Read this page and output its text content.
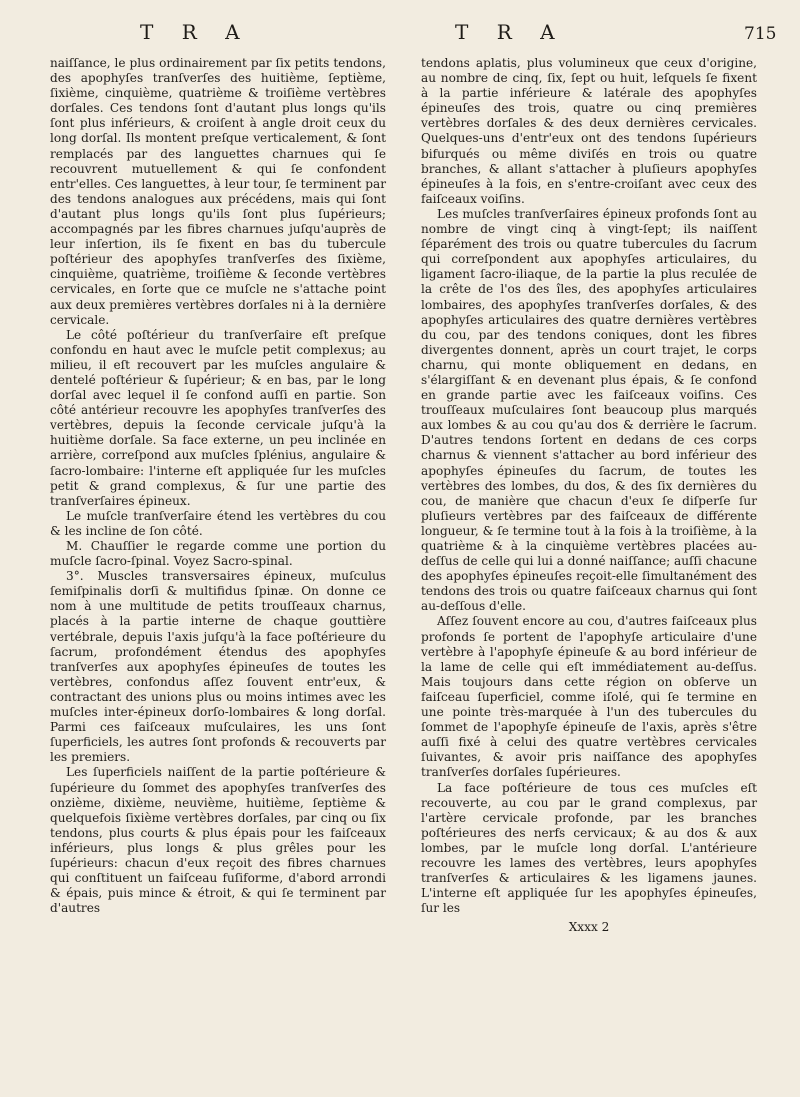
T R A	T R A	715

naiſſance, le plus ordinairement par ſix petits tendons, des apophyſes tranſverſes des huitième, ſeptième, ſixième, cinquième, quatrième & troiſième vertèbres dorſales. Ces tendons ſont d'autant plus longs qu'ils ſont plus inférieurs, & croiſent à angle droit ceux du long dorſal. Ils montent preſque verticalement, & ſont remplacés par des languettes charnues qui ſe recouvrent mutuellement & qui ſe confondent entr'elles. Ces languettes, à leur tour, ſe terminent par des tendons analogues aux précédens, mais qui ſont d'autant plus longs qu'ils ſont plus ſupérieurs; accompagnés par les fibres charnues juſqu'auprès de leur inſertion, ils ſe fixent en bas du tubercule poſtérieur des apophyſes tranſverſes des ſixième, cinquième, quatrième, troiſième & ſeconde vertèbres cervicales, en ſorte que ce muſcle ne s'attache point aux deux premières vertèbres dorſales ni à la dernière cervicale.

Le côté poſtérieur du tranſverſaire eſt preſque confondu en haut avec le muſcle petit complexus; au milieu, il eſt recouvert par les muſcles angulaire & dentelé poſtérieur & ſupérieur; & en bas, par le long dorſal avec lequel il ſe confond auſſi en partie. Son côté antérieur recouvre les apophyſes tranſverſes des vertèbres, depuis la ſeconde cervicale juſqu'à la huitième dorſale. Sa face externe, un peu inclinée en arrière, correſpond aux muſcles ſplénius, angulaire & ſacro-lombaire: l'interne eſt appliquée ſur les muſcles petit & grand complexus, & ſur une partie des tranſverſaires épineux.

Le muſcle tranſverſaire étend les vertèbres du cou & les incline de ſon côté.

M. Chauſſier le regarde comme une portion du muſcle ſacro-ſpinal. Voyez Sacro-spinal.

3°. Muscles transversaires épineux, muſculus ſemiſpinalis dorſi & multifidus ſpinæ. On donne ce nom à une multitude de petits trouſſeaux charnus, placés à la partie interne de chaque gouttière vertébrale, depuis l'axis juſqu'à la face poſtérieure du ſacrum, profondément étendus des apophyſes tranſverſes aux apophyſes épineuſes de toutes les vertèbres, confondus aſſez ſouvent entr'eux, & contractant des unions plus ou moins intimes avec les muſcles inter-épineux dorſo-lombaires & long dorſal. Parmi ces faiſceaux muſculaires, les uns ſont ſuperficiels, les autres ſont profonds & recouverts par les premiers.

Les ſuperficiels naiſſent de la partie poſtérieure & ſupérieure du ſommet des apophyſes tranſverſes des onzième, dixième, neuvième, huitième, ſeptième & quelquefois ſixième vertèbres dorſales, par cinq ou ſix tendons, plus courts & plus épais pour les faiſceaux inférieurs, plus longs & plus grêles pour les ſupérieurs: chacun d'eux reçoit des fibres charnues qui conſtituent un faiſceau fuſiforme, d'abord arrondi & épais, puis mince & étroit, & qui ſe terminent par d'autres

tendons aplatis, plus volumineux que ceux d'origine, au nombre de cinq, ſix, ſept ou huit, leſquels ſe fixent à la partie inférieure & latérale des apophyſes épineuſes des trois, quatre ou cinq premières vertèbres dorſales & des deux dernières cervicales. Quelques-uns d'entr'eux ont des tendons ſupérieurs bifurqués ou même diviſés en trois ou quatre branches, & allant s'attacher à pluſieurs apophyſes épineuſes à la fois, en s'entre-croiſant avec ceux des faiſceaux voiſins.

Les muſcles tranſverſaires épineux profonds ſont au nombre de vingt cinq à vingt-ſept; ils naiſſent ſéparément des trois ou quatre tubercules du ſacrum qui correſpondent aux apophyſes articulaires, du ligament ſacro-iliaque, de la partie la plus reculée de la crête de l'os des îles, des apophyſes articulaires lombaires, des apophyſes tranſverſes dorſales, & des apophyſes articulaires des quatre dernières vertèbres du cou, par des tendons coniques, dont les fibres divergentes donnent, après un court trajet, le corps charnu, qui monte obliquement en dedans, en s'élargiſſant & en devenant plus épais, & ſe confond en grande partie avec les faiſceaux voiſins. Ces trouſſeaux muſculaires ſont beaucoup plus marqués aux lombes & au cou qu'au dos & derrière le ſacrum. D'autres tendons ſortent en dedans de ces corps charnus & viennent s'attacher au bord inférieur des apophyſes épineuſes du ſacrum, de toutes les vertèbres des lombes, du dos, & des ſix dernières du cou, de manière que chacun d'eux ſe diſperſe ſur pluſieurs vertèbres par des faiſceaux de différente longueur, & ſe termine tout à la fois à la troiſième, à la quatrième & à la cinquième vertèbres placées au-deſſus de celle qui lui a donné naiſſance; auſſi chacune des apophyſes épineuſes reçoit-elle ſimultanément des tendons des trois ou quatre faiſceaux charnus qui ſont au-deſſous d'elle.

Aſſez ſouvent encore au cou, d'autres faiſceaux plus profonds ſe portent de l'apophyſe articulaire d'une vertèbre à l'apophyſe épineuſe & au bord inférieur de la lame de celle qui eſt immédiatement au-deſſus. Mais toujours dans cette région on obſerve un faiſceau ſuperficiel, comme iſolé, qui ſe termine en une pointe très-marquée à l'un des tubercules du ſommet de l'apophyſe épineuſe de l'axis, après s'être auſſi fixé à celui des quatre vertèbres cervicales ſuivantes, & avoir pris naiſſance des apophyſes tranſverſes dorſales ſupérieures.

La face poſtérieure de tous ces muſcles eſt recouverte, au cou par le grand complexus, par l'artère cervicale profonde, par les branches poſtérieures des nerfs cervicaux; & au dos & aux lombes, par le muſcle long dorſal. L'antérieure recouvre les lames des vertèbres, leurs apophyſes tranſverſes & articulaires & les ligamens jaunes. L'interne eſt appliquée ſur les apophyſes épineuſes, ſur les

Xxxx 2
